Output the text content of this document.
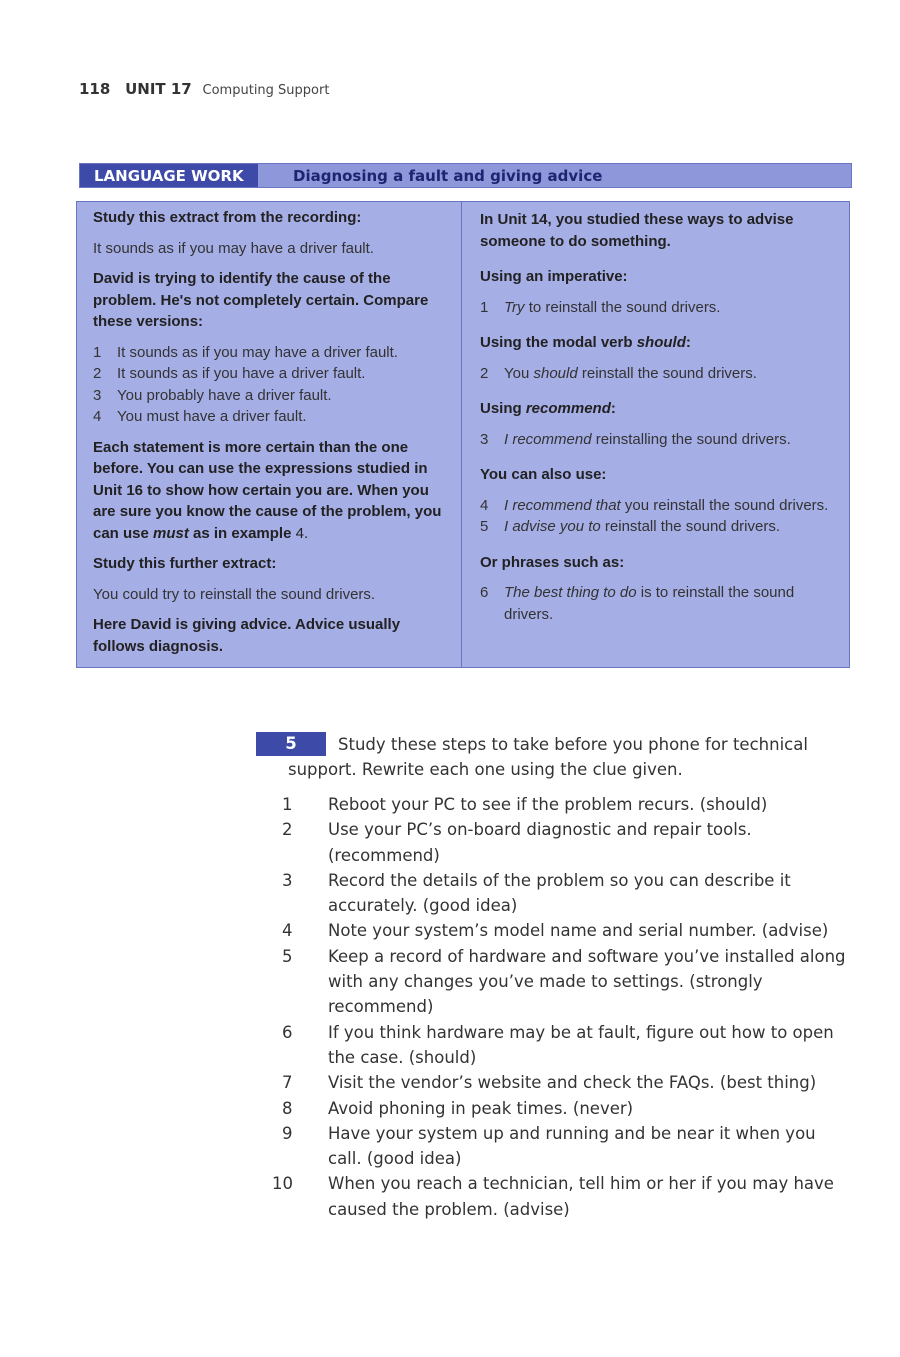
118 UNIT 17 Computing Support
LANGUAGE WORK	Diagnosing a fault and giving advice

Study this extract from the recording:

It sounds as if you may have a driver fault.

David is trying to identify the cause of the problem. He's not completely certain. Compare these versions:

1	It sounds as if you may have a driver fault.
2	It sounds as if you have a driver fault.
3	You probably have a driver fault.
4	You must have a driver fault.

Each statement is more certain than the one before. You can use the expressions studied in Unit 16 to show how certain you are. When you are sure you know the cause of the problem, you can use must as in example 4.

Study this further extract:

You could try to reinstall the sound drivers.

Here David is giving advice. Advice usually follows diagnosis.

In Unit 14, you studied these ways to advise someone to do something.

Using an imperative:

1	Try to reinstall the sound drivers.

Using the modal verb should:

2	You should reinstall the sound drivers.

Using recommend:

3	I recommend reinstalling the sound drivers.

You can also use:

4	I recommend that you reinstall the sound drivers.
5	I advise you to reinstall the sound drivers.

Or phrases such as:

6	The best thing to do is to reinstall the sound drivers.
5	Study these steps to take before you phone for technical
support. Rewrite each one using the clue given.
1	Reboot your PC to see if the problem recurs. (should)
2	Use your PC’s on-board diagnostic and repair tools. (recommend)
3	Record the details of the problem so you can describe it accurately. (good idea)
4	Note your system’s model name and serial number. (advise)
5	Keep a record of hardware and software you’ve installed along with any changes you’ve made to settings. (strongly recommend)
6	If you think hardware may be at fault, figure out how to open the case. (should)
7	Visit the vendor’s website and check the FAQs. (best thing)
8	Avoid phoning in peak times. (never)
9	Have your system up and running and be near it when you call. (good idea)
10	When you reach a technician, tell him or her if you may have caused the problem. (advise)
